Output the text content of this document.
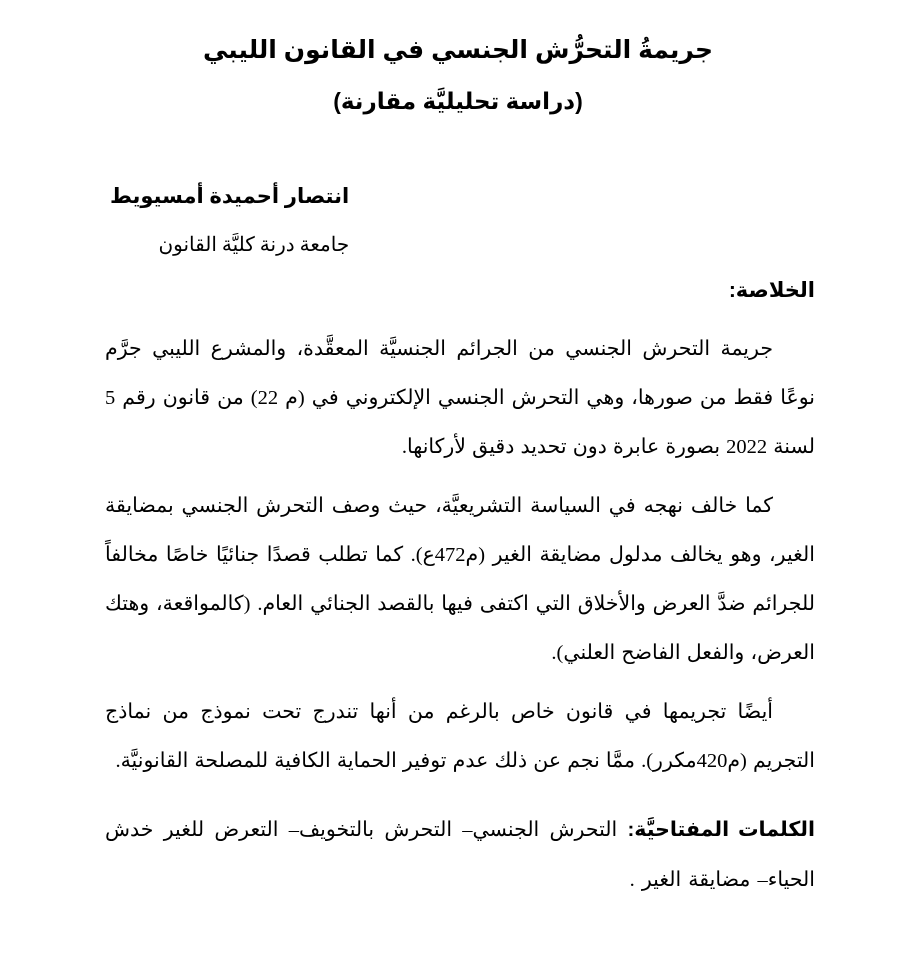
جريمةُ التحرُّش الجنسي في القانون الليبي
(دراسة تحليليَّة مقارنة)
انتصار أحميدة أمسيويط
جامعة درنة كليَّة القانون
الخلاصة:

جريمة التحرش الجنسي من الجرائم الجنسيَّة المعقَّدة، والمشرع الليبي جرَّم نوعًا فقط من صورها، وهي التحرش الجنسي الإلكتروني في (م 22) من قانون رقم 5 لسنة 2022 بصورة عابرة دون تحديد دقيق لأركانها.

كما خالف نهجه في السياسة التشريعيَّة، حيث وصف التحرش الجنسي بمضايقة الغير، وهو يخالف مدلول مضايقة الغير (م472ع). كما تطلب قصدًا جنائيًا خاصًا مخالفاً للجرائم ضدَّ العرض والأخلاق التي اكتفى فيها بالقصد الجنائي العام. (كالمواقعة، وهتك العرض، والفعل الفاضح العلني).

أيضًا تجريمها في قانون خاص بالرغم من أنها تندرج تحت نموذج من نماذج التجريم (م420مكرر). ممَّا نجم عن ذلك عدم توفير الحماية الكافية للمصلحة القانونيَّة.

الكلمات المفتاحيَّة: التحرش الجنسي– التحرش بالتخويف– التعرض للغير خدش الحياء– مضايقة الغير .
